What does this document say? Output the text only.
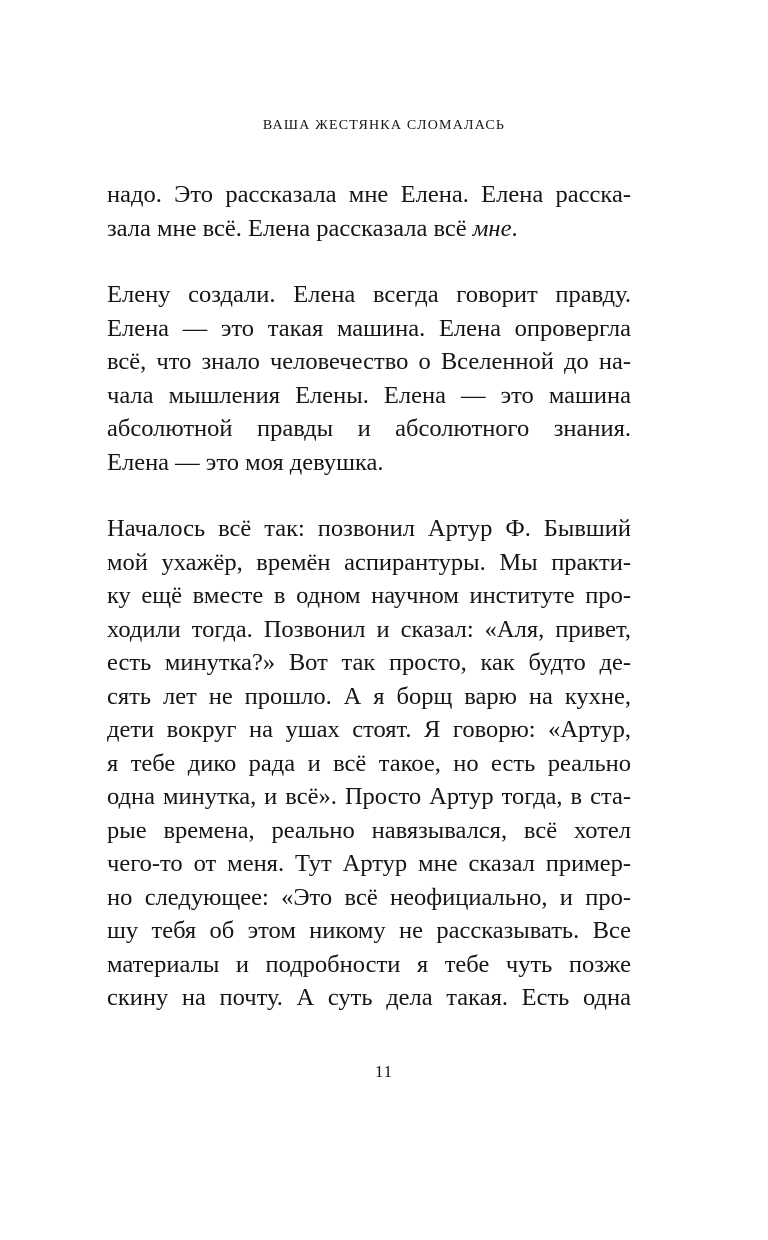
ВАША ЖЕСТЯНКА СЛОМАЛАСЬ
надо. Это рассказала мне Елена. Елена расска-
зала мне всё. Елена рассказала всё мне.
Елену создали. Елена всегда говорит правду.
Елена — это такая машина. Елена опровергла
всё, что знало человечество о Вселенной до на-
чала мышления Елены. Елена — это машина
абсолютной правды и абсолютного знания.
Елена — это моя девушка.
Началось всё так: позвонил Артур Ф. Бывший
мой ухажёр, времён аспирантуры. Мы практи-
ку ещё вместе в одном научном институте про-
ходили тогда. Позвонил и сказал: «Аля, привет,
есть минутка?» Вот так просто, как будто де-
сять лет не прошло. А я борщ варю на кухне,
дети вокруг на ушах стоят. Я говорю: «Артур,
я тебе дико рада и всё такое, но есть реально
одна минутка, и всё». Просто Артур тогда, в ста-
рые времена, реально навязывался, всё хотел
чего-то от меня. Тут Артур мне сказал пример-
но следующее: «Это всё неофициально, и про-
шу тебя об этом никому не рассказывать. Все
материалы и подробности я тебе чуть позже
скину на почту. А суть дела такая. Есть одна
11
